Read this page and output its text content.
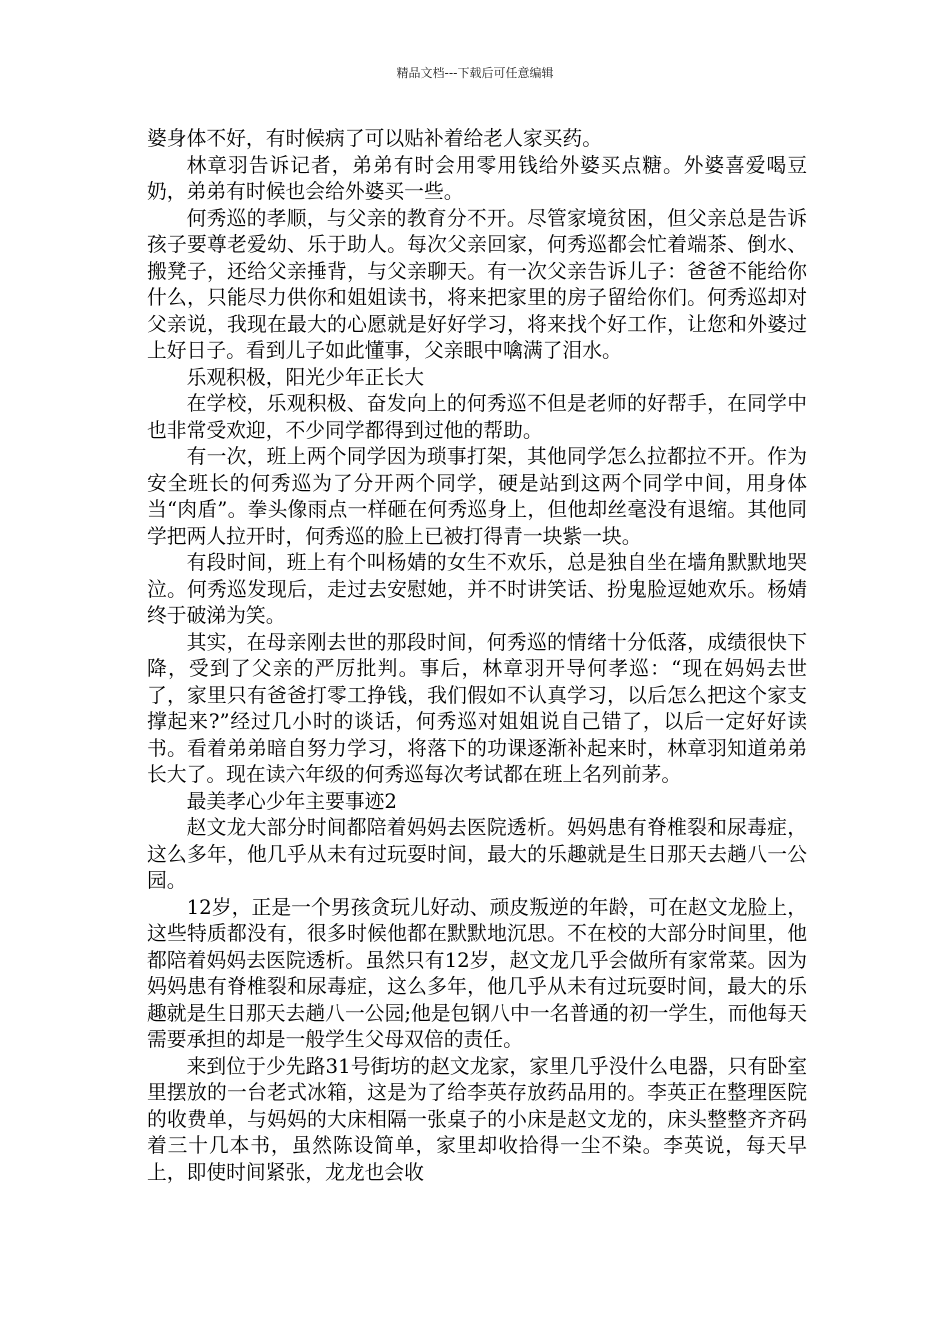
精品文档---下载后可任意编辑

婆身体不好，有时候病了可以贴补着给老人家买药。

林章羽告诉记者，弟弟有时会用零用钱给外婆买点糖。外婆喜爱喝豆奶，弟弟有时候也会给外婆买一些。

何秀巡的孝顺，与父亲的教育分不开。尽管家境贫困，但父亲总是告诉孩子要尊老爱幼、乐于助人。每次父亲回家，何秀巡都会忙着端茶、倒水、搬凳子，还给父亲捶背，与父亲聊天。有一次父亲告诉儿子：爸爸不能给你什么，只能尽力供你和姐姐读书，将来把家里的房子留给你们。何秀巡却对父亲说，我现在最大的心愿就是好好学习，将来找个好工作，让您和外婆过上好日子。看到儿子如此懂事，父亲眼中噙满了泪水。

乐观积极，阳光少年正长大

在学校，乐观积极、奋发向上的何秀巡不但是老师的好帮手，在同学中也非常受欢迎，不少同学都得到过他的帮助。

有一次，班上两个同学因为琐事打架，其他同学怎么拉都拉不开。作为安全班长的何秀巡为了分开两个同学，硬是站到这两个同学中间，用身体当“肉盾”。拳头像雨点一样砸在何秀巡身上，但他却丝毫没有退缩。其他同学把两人拉开时，何秀巡的脸上已被打得青一块紫一块。

有段时间，班上有个叫杨婧的女生不欢乐，总是独自坐在墙角默默地哭泣。何秀巡发现后，走过去安慰她，并不时讲笑话、扮鬼脸逗她欢乐。杨婧终于破涕为笑。

其实，在母亲刚去世的那段时间，何秀巡的情绪十分低落，成绩很快下降，受到了父亲的严厉批判。事后，林章羽开导何孝巡：“现在妈妈去世了，家里只有爸爸打零工挣钱，我们假如不认真学习，以后怎么把这个家支撑起来?”经过几小时的谈话，何秀巡对姐姐说自己错了，以后一定好好读书。看着弟弟暗自努力学习，将落下的功课逐渐补起来时，林章羽知道弟弟长大了。现在读六年级的何秀巡每次考试都在班上名列前茅。

最美孝心少年主要事迹2

赵文龙大部分时间都陪着妈妈去医院透析。妈妈患有脊椎裂和尿毒症，这么多年，他几乎从未有过玩耍时间，最大的乐趣就是生日那天去趟八一公园。

12岁，正是一个男孩贪玩儿好动、顽皮叛逆的年龄，可在赵文龙脸上，这些特质都没有，很多时候他都在默默地沉思。不在校的大部分时间里，他都陪着妈妈去医院透析。虽然只有12岁，赵文龙几乎会做所有家常菜。因为妈妈患有脊椎裂和尿毒症，这么多年，他几乎从未有过玩耍时间，最大的乐趣就是生日那天去趟八一公园;他是包钢八中一名普通的初一学生，而他每天需要承担的却是一般学生父母双倍的责任。

来到位于少先路31号街坊的赵文龙家，家里几乎没什么电器，只有卧室里摆放的一台老式冰箱，这是为了给李英存放药品用的。李英正在整理医院的收费单，与妈妈的大床相隔一张桌子的小床是赵文龙的，床头整整齐齐码着三十几本书，虽然陈设简单，家里却收拾得一尘不染。李英说，每天早上，即使时间紧张，龙龙也会收
